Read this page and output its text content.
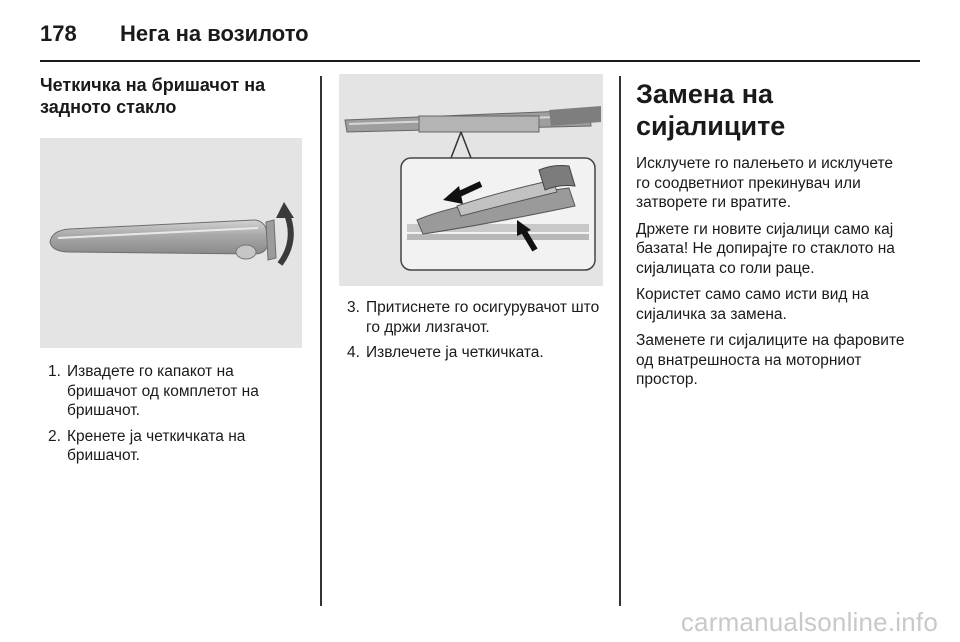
178	Нега на возилото
Четкичка на бришачот на задното стакло
1. Извадете го капакот на бришачот од комплетот на бришачот.
2. Кренете ја четкичката на бришачот.
3. Притиснете го осигурувачот што го држи лизгачот.
4. Извлечете ја четкичката.
Замена на сијалиците

Исклучете го палењето и исклучете го соодветниот прекинувач или затворете ги вратите.

Држете ги новите сијалици само кај базата! Не допирајте го стаклото на сијалицата со голи раце.

Користет само само исти вид на сијаличка за замена.

Заменете ги сијалиците на фаровите од внатрешноста на моторниот простор.

carmanualsonline.info
